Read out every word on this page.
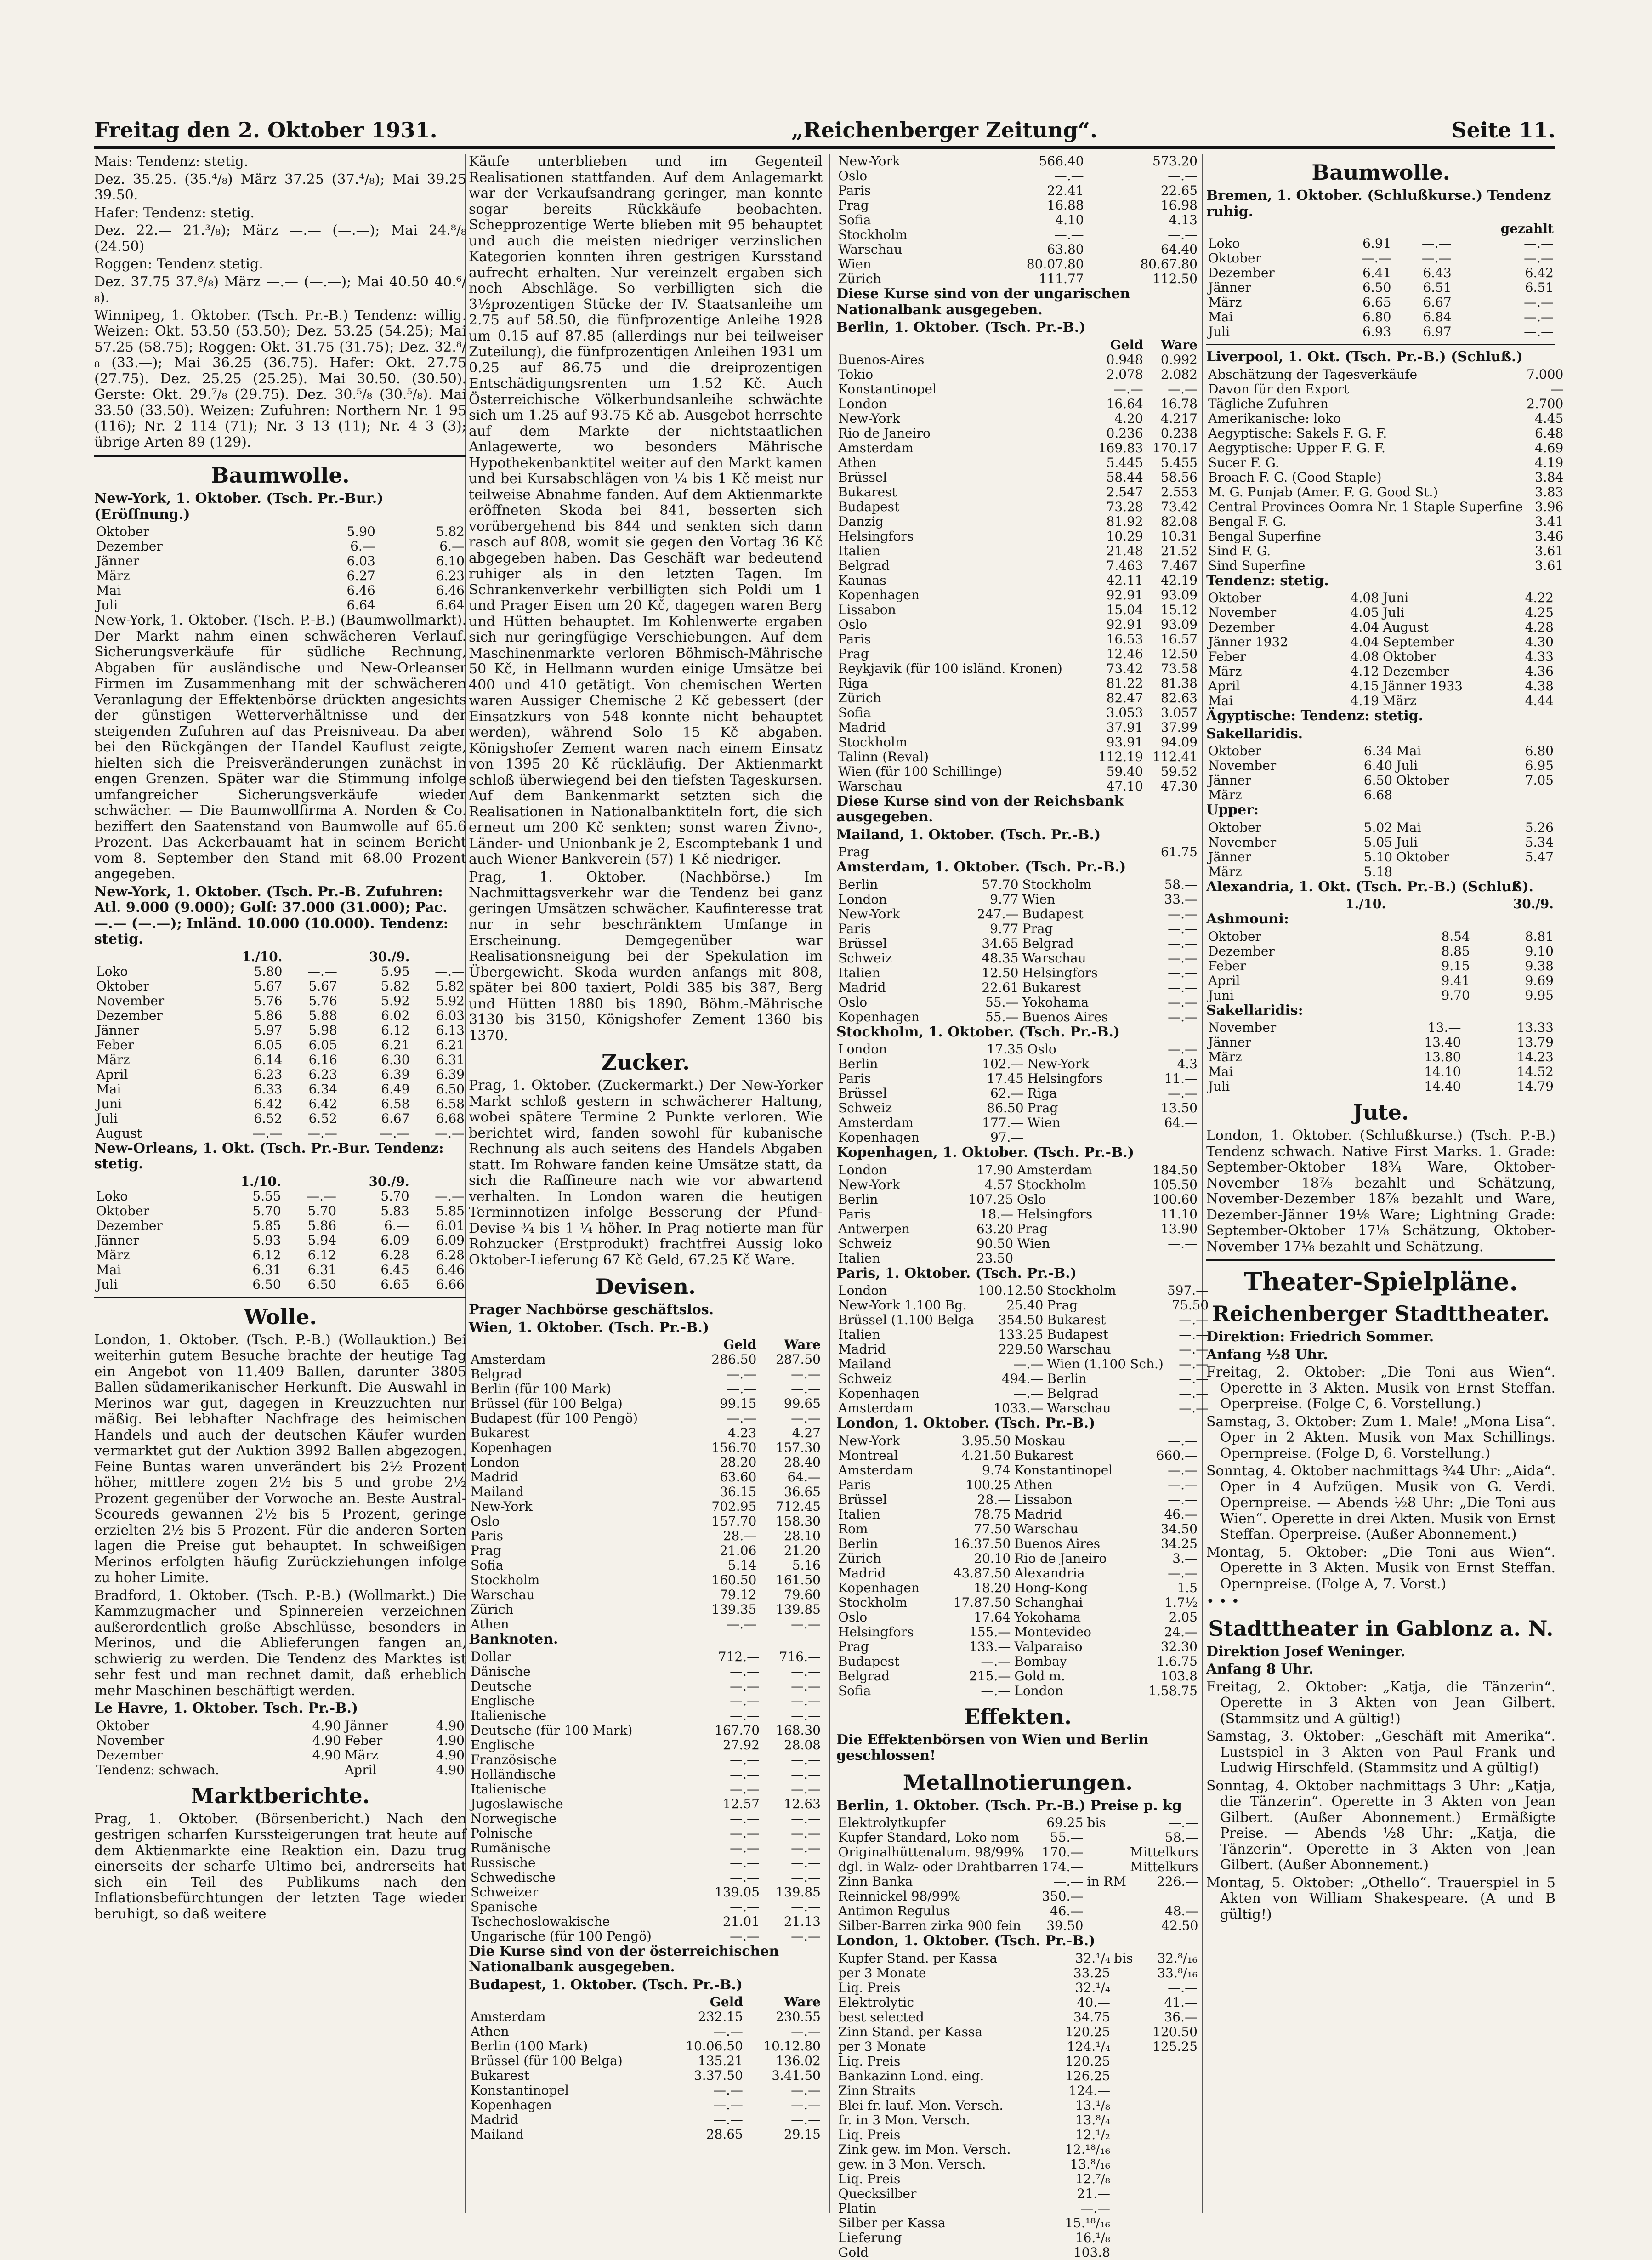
Freitag den 2. Oktober 1931.	„Reichenberger Zeitung“.	Seite 11.

Mais: Tendenz: stetig.

Dez. 35.25. (35.⁴/₈) März 37.25 (37.⁴/₈); Mai 39.25 39.50.

Hafer: Tendenz: stetig.

Dez. 22.— 21.³/₈); März —.— (—.—); Mai 24.⁸/₈ (24.50)

Roggen: Tendenz stetig.

Dez. 37.75 37.⁸/₈) März —.— (—.—); Mai 40.50 40.⁶/₈).

Winnipeg, 1. Oktober. (Tsch. Pr.-B.) Tendenz: willig. Weizen: Okt. 53.50 (53.50); Dez. 53.25 (54.25); Mai 57.25 (58.75); Roggen: Okt. 31.75 (31.75); Dez. 32.⁸/₈ (33.—); Mai 36.25 (36.75). Hafer: Okt. 27.75 (27.75). Dez. 25.25 (25.25). Mai 30.50. (30.50). Gerste: Okt. 29.⁷/₈ (29.75). Dez. 30.⁵/₈ (30.⁵/₈). Mai 33.50 (33.50). Weizen: Zufuhren: Northern Nr. 1 95 (116); Nr. 2 114 (71); Nr. 3 13 (11); Nr. 4 3 (3); übrige Arten 89 (129).

Baumwolle.

New-York, 1. Oktober. (Tsch. Pr.-Bur.) (Eröffnung.)

Oktober	5.90	5.82
Dezember	6.—	6.—
Jänner	6.03	6.10
März	6.27	6.23
Mai	6.46	6.46
Juli	6.64	6.64

New-York, 1. Oktober. (Tsch. P.-B.) (Baumwollmarkt). Der Markt nahm einen schwächeren Verlauf. Sicherungsverkäufe für südliche Rechnung, Abgaben für ausländische und New-Orleanser Firmen im Zusammenhang mit der schwächeren Veranlagung der Effektenbörse drückten angesichts der günstigen Wetterverhältnisse und der steigenden Zufuhren auf das Preisniveau. Da aber bei den Rückgängen der Handel Kauflust zeigte, hielten sich die Preisveränderungen zunächst in engen Grenzen. Später war die Stimmung infolge umfangreicher Sicherungsverkäufe wieder schwächer. — Die Baumwollfirma A. Norden & Co. beziffert den Saatenstand von Baumwolle auf 65.6 Prozent. Das Ackerbauamt hat in seinem Bericht vom 8. September den Stand mit 68.00 Prozent angegeben.

New-York, 1. Oktober. (Tsch. Pr.-B. Zufuhren: Atl. 9.000 (9.000); Golf: 37.000 (31.000); Pac. —.— (—.—); Inländ. 10.000 (10.000). Tendenz: stetig.

	1./10.		30./9.	
Loko	5.80	—.—	5.95	—.—
Oktober	5.67	5.67	5.82	5.82
November	5.76	5.76	5.92	5.92
Dezember	5.86	5.88	6.02	6.03
Jänner	5.97	5.98	6.12	6.13
Feber	6.05	6.05	6.21	6.21
März	6.14	6.16	6.30	6.31
April	6.23	6.23	6.39	6.39
Mai	6.33	6.34	6.49	6.50
Juni	6.42	6.42	6.58	6.58
Juli	6.52	6.52	6.67	6.68
August	—.—	—.—	—.—	—.—

New-Orleans, 1. Okt. (Tsch. Pr.-Bur. Tendenz: stetig.

	1./10.		30./9.	
Loko	5.55	—.—	5.70	—.—
Oktober	5.70	5.70	5.83	5.85
Dezember	5.85	5.86	6.—	6.01
Jänner	5.93	5.94	6.09	6.09
März	6.12	6.12	6.28	6.28
Mai	6.31	6.31	6.45	6.46
Juli	6.50	6.50	6.65	6.66
Wolle.

London, 1. Oktober. (Tsch. P.-B.) (Wollauktion.) Bei weiterhin gutem Besuche brachte der heutige Tag ein Angebot von 11.409 Ballen, darunter 3805 Ballen südamerikanischer Herkunft. Die Auswahl in Merinos war gut, dagegen in Kreuzzuchten nur mäßig. Bei lebhafter Nachfrage des heimischen Handels und auch der deutschen Käufer wurden vermarktet gut der Auktion 3992 Ballen abgezogen. Feine Buntas waren unverändert bis 2½ Prozent höher, mittlere zogen 2½ bis 5 und grobe 2½ Prozent gegenüber der Vorwoche an. Beste Austral-Scoureds gewannen 2½ bis 5 Prozent, geringe erzielten 2½ bis 5 Prozent. Für die anderen Sorten lagen die Preise gut behauptet. In schweißigen Merinos erfolgten häufig Zurückziehungen infolge zu hoher Limite.

Bradford, 1. Oktober. (Tsch. P.-B.) (Wollmarkt.) Die Kammzugmacher und Spinnereien verzeichnen außerordentlich große Abschlüsse, besonders in Merinos, und die Ablieferungen fangen an, schwierig zu werden. Die Tendenz des Marktes ist sehr fest und man rechnet damit, daß erheblich mehr Maschinen beschäftigt werden.

Le Havre, 1. Oktober. Tsch. Pr.-B.)

Oktober	4.90	Jänner	4.90
November	4.90	Feber	4.90
Dezember	4.90	März	4.90
Tendenz: schwach.		April	4.90
Marktberichte.

Prag, 1. Oktober. (Börsenbericht.) Nach den gestrigen scharfen Kurssteigerungen trat heute auf dem Aktienmarkte eine Reaktion ein. Dazu trug einerseits der scharfe Ultimo bei, andrerseits hat sich ein Teil des Publikums nach den Inflationsbefürchtungen der letzten Tage wieder beruhigt, so daß weitere

Käufe unterblieben und im Gegenteil Realisationen stattfanden. Auf dem Anlagemarkt war der Verkaufsandrang geringer, man konnte sogar bereits Rückkäufe beobachten. Schepprozentige Werte blieben mit 95 behauptet und auch die meisten niedriger verzinslichen Kategorien konnten ihren gestrigen Kursstand aufrecht erhalten. Nur vereinzelt ergaben sich noch Abschläge. So verbilligten sich die 3½prozentigen Stücke der IV. Staatsanleihe um 2.75 auf 58.50, die fünfprozentige Anleihe 1928 um 0.15 auf 87.85 (allerdings nur bei teilweiser Zuteilung), die fünfprozentigen Anleihen 1931 um 0.25 auf 86.75 und die dreiprozentigen Entschädigungsrenten um 1.52 Kč. Auch Österreichische Völkerbundsanleihe schwächte sich um 1.25 auf 93.75 Kč ab. Ausgebot herrschte auf dem Markte der nichtstaatlichen Anlagewerte, wo besonders Mährische Hypothekenbanktitel weiter auf den Markt kamen und bei Kursabschlägen von ¼ bis 1 Kč meist nur teilweise Abnahme fanden. Auf dem Aktienmarkte eröffneten Skoda bei 841, besserten sich vorübergehend bis 844 und senkten sich dann rasch auf 808, womit sie gegen den Vortag 36 Kč abgegeben haben. Das Geschäft war bedeutend ruhiger als in den letzten Tagen. Im Schrankenverkehr verbilligten sich Poldi um 1 und Prager Eisen um 20 Kč, dagegen waren Berg und Hütten behauptet. Im Kohlenwerte ergaben sich nur geringfügige Verschiebungen. Auf dem Maschinenmarkte verloren Böhmisch-Mährische 50 Kč, in Hellmann wurden einige Umsätze bei 400 und 410 getätigt. Von chemischen Werten waren Aussiger Chemische 2 Kč gebessert (der Einsatzkurs von 548 konnte nicht behauptet werden), während Solo 15 Kč abgaben. Königshofer Zement waren nach einem Einsatz von 1395 20 Kč rückläufig. Der Aktienmarkt schloß überwiegend bei den tiefsten Tageskursen. Auf dem Bankenmarkt setzten sich die Realisationen in Nationalbanktiteln fort, die sich erneut um 200 Kč senkten; sonst waren Živno-, Länder- und Unionbank je 2, Escomptebank 1 und auch Wiener Bankverein (57) 1 Kč niedriger.

Prag, 1. Oktober. (Nachbörse.) Im Nachmittagsverkehr war die Tendenz bei ganz geringen Umsätzen schwächer. Kaufinteresse trat nur in sehr beschränktem Umfange in Erscheinung. Demgegenüber war Realisationsneigung bei der Spekulation im Übergewicht. Skoda wurden anfangs mit 808, später bei 800 taxiert, Poldi 385 bis 387, Berg und Hütten 1880 bis 1890, Böhm.-Mährische 3130 bis 3150, Königshofer Zement 1360 bis 1370.

Zucker.

Prag, 1. Oktober. (Zuckermarkt.) Der New-Yorker Markt schloß gestern in schwächerer Haltung, wobei spätere Termine 2 Punkte verloren. Wie berichtet wird, fanden sowohl für kubanische Rechnung als auch seitens des Handels Abgaben statt. Im Rohware fanden keine Umsätze statt, da sich die Raffineure nach wie vor abwartend verhalten. In London waren die heutigen Terminnotizen infolge Besserung der Pfund-Devise ¾ bis 1 ¼ höher. In Prag notierte man für Rohzucker (Erstprodukt) frachtfrei Aussig loko Oktober-Lieferung 67 Kč Geld, 67.25 Kč Ware.

Devisen.

Prager Nachbörse geschäftslos.

Wien, 1. Oktober. (Tsch. Pr.-B.)

	Geld	Ware
Amsterdam	286.50	287.50
Belgrad	—.—	—.—
Berlin (für 100 Mark)	—.—	—.—
Brüssel (für 100 Belga)	99.15	99.65
Budapest (für 100 Pengö)	—.—	—.—
Bukarest	4.23	4.27
Kopenhagen	156.70	157.30
London	28.20	28.40
Madrid	63.60	64.—
Mailand	36.15	36.65
New-York	702.95	712.45
Oslo	157.70	158.30
Paris	28.—	28.10
Prag	21.06	21.20
Sofia	5.14	5.16
Stockholm	160.50	161.50
Warschau	79.12	79.60
Zürich	139.35	139.85
Athen	—.—	—.—

Banknoten.

Dollar	712.—	716.—
Dänische	—.—	—.—
Deutsche	—.—	—.—
Englische	—.—	—.—
Italienische	—.—	—.—
Deutsche (für 100 Mark)	167.70	168.30
Englische	27.92	28.08
Französische	—.—	—.—
Holländische	—.—	—.—
Italienische	—.—	—.—
Jugoslawische	12.57	12.63
Norwegische	—.—	—.—
Polnische	—.—	—.—
Rumänische	—.—	—.—
Russische	—.—	—.—
Schwedische	—.—	—.—
Schweizer	139.05	139.85
Spanische	—.—	—.—
Tschechoslowakische	21.01	21.13
Ungarische (für 100 Pengö)	—.—	—.—

Die Kurse sind von der österreichischen Nationalbank ausgegeben.

Budapest, 1. Oktober. (Tsch. Pr.-B.)

	Geld	Ware
Amsterdam	232.15	230.55
Athen	—.—	—.—
Berlin (100 Mark)	10.06.50	10.12.80
Brüssel (für 100 Belga)	135.21	136.02
Bukarest	3.37.50	3.41.50
Konstantinopel	—.—	—.—
Kopenhagen	—.—	—.—
Madrid	—.—	—.—
Mailand	28.65	29.15
New-York	566.40	573.20
Oslo	—.—	—.—
Paris	22.41	22.65
Prag	16.88	16.98
Sofia	4.10	4.13
Stockholm	—.—	—.—
Warschau	63.80	64.40
Wien	80.07.80	80.67.80
Zürich	111.77	112.50

Diese Kurse sind von der ungarischen Nationalbank ausgegeben.

Berlin, 1. Oktober. (Tsch. Pr.-B.)

	Geld	Ware
Buenos-Aires	0.948	0.992
Tokio	2.078	2.082
Konstantinopel	—.—	—.—
London	16.64	16.78
New-York	4.20	4.217
Rio de Janeiro	0.236	0.238
Amsterdam	169.83	170.17
Athen	5.445	5.455
Brüssel	58.44	58.56
Bukarest	2.547	2.553
Budapest	73.28	73.42
Danzig	81.92	82.08
Helsingfors	10.29	10.31
Italien	21.48	21.52
Belgrad	7.463	7.467
Kaunas	42.11	42.19
Kopenhagen	92.91	93.09
Lissabon	15.04	15.12
Oslo	92.91	93.09
Paris	16.53	16.57
Prag	12.46	12.50
Reykjavik (für 100 isländ. Kronen)	73.42	73.58
Riga	81.22	81.38
Zürich	82.47	82.63
Sofia	3.053	3.057
Madrid	37.91	37.99
Stockholm	93.91	94.09
Talinn (Reval)	112.19	112.41
Wien (für 100 Schillinge)	59.40	59.52
Warschau	47.10	47.30

Diese Kurse sind von der Reichsbank ausgegeben.

Mailand, 1. Oktober. (Tsch. Pr.-B.)

Prag	61.75

Amsterdam, 1. Oktober. (Tsch. Pr.-B.)

Berlin	57.70	Stockholm	58.—
London	9.77	Wien	33.—
New-York	247.—	Budapest	—.—
Paris	9.77	Prag	—.—
Brüssel	34.65	Belgrad	—.—
Schweiz	48.35	Warschau	—.—
Italien	12.50	Helsingfors	—.—
Madrid	22.61	Bukarest	—.—
Oslo	55.—	Yokohama	—.—
Kopenhagen	55.—	Buenos Aires	—.—

Stockholm, 1. Oktober. (Tsch. Pr.-B.)

London	17.35	Oslo	—.—
Berlin	102.—	New-York	4.3
Paris	17.45	Helsingfors	11.—
Brüssel	62.—	Riga	—.—
Schweiz	86.50	Prag	13.50
Amsterdam	177.—	Wien	64.—
Kopenhagen	97.—		

Kopenhagen, 1. Oktober. (Tsch. Pr.-B.)

London	17.90	Amsterdam	184.50
New-York	4.57	Stockholm	105.50
Berlin	107.25	Oslo	100.60
Paris	18.—	Helsingfors	11.10
Antwerpen	63.20	Prag	13.90
Schweiz	90.50	Wien	—.—
Italien	23.50		

Paris, 1. Oktober. (Tsch. Pr.-B.)

London	100.12.50	Stockholm	597.—
New-York 1.100 Bg.	25.40	Prag	75.50
Brüssel (1.100 Belga	354.50	Bukarest	—.—
Italien	133.25	Budapest	—.—
Madrid	229.50	Warschau	—.—
Mailand	—.—	Wien (1.100 Sch.)	—.—
Schweiz	494.—	Berlin	—.—
Kopenhagen	—.—	Belgrad	—.—
Amsterdam	1033.—	Warschau	—.—

London, 1. Oktober. (Tsch. Pr.-B.)

New-York	3.95.50	Moskau	—.—
Montreal	4.21.50	Bukarest	660.—
Amsterdam	9.74	Konstantinopel	—.—
Paris	100.25	Athen	—.—
Brüssel	28.—	Lissabon	—.—
Italien	78.75	Madrid	46.—
Rom	77.50	Warschau	34.50
Berlin	16.37.50	Buenos Aires	34.25
Zürich	20.10	Rio de Janeiro	3.—
Madrid	43.87.50	Alexandria	—.—
Kopenhagen	18.20	Hong-Kong	1.5
Stockholm	17.87.50	Schanghai	1.7½
Oslo	17.64	Yokohama	2.05
Helsingfors	155.—	Montevideo	24.—
Prag	133.—	Valparaiso	32.30
Budapest	—.—	Bombay	1.6.75
Belgrad	215.—	Gold m.	103.8
Sofia	—.—	London	1.58.75
Effekten.

Die Effektenbörsen von Wien und Berlin geschlossen!

Metallnotierungen.

Berlin, 1. Oktober. (Tsch. Pr.-B.) Preise p. kg

Elektrolytkupfer	69.25	bis	—.—
Kupfer Standard, Loko nom	55.—		58.—
Originalhüttenalum. 98/99%	170.—		Mittelkurs
dgl. in Walz- oder Drahtbarren	174.—		Mittelkurs
Zinn Banka	—.—	in RM	226.—
Reinnickel 98/99%	350.—		
Antimon Regulus	46.—		48.—
Silber-Barren zirka 900 fein	39.50		42.50

London, 1. Oktober. (Tsch. Pr.-B.)

Kupfer Stand. per Kassa	32.¹/₄	bis	32.⁸/₁₆
per 3 Monate	33.25		33.⁸/₁₆
Liq. Preis	32.¹/₄		—.—
Elektrolytic	40.—		41.—
best selected	34.75		36.—
Zinn Stand. per Kassa	120.25		120.50
per 3 Monate	124.¹/₄		125.25
Liq. Preis	120.25		
Bankazinn Lond. eing.	126.25		
Zinn Straits	124.—		
Blei fr. lauf. Mon. Versch.	13.¹/₈		
fr. in 3 Mon. Versch.	13.⁸/₄		
Liq. Preis	12.¹/₂		
Zink gew. im Mon. Versch.	12.¹⁸/₁₆		
gew. in 3 Mon. Versch.	13.⁸/₁₆		
Liq. Preis	12.⁷/₈		
Quecksilber	21.—		
Platin	—.—		
Silber per Kassa	15.¹⁸/₁₆		
Lieferung	16.¹/₈		
Gold	103.8		
Baumwolle.

Bremen, 1. Oktober. (Schlußkurse.) Tendenz ruhig.

			gezahlt
Loko	6.91	—.—	—.—
Oktober	—.—	—.—	—.—
Dezember	6.41	6.43	6.42
Jänner	6.50	6.51	6.51
März	6.65	6.67	—.—
Mai	6.80	6.84	—.—
Juli	6.93	6.97	—.—

Liverpool, 1. Okt. (Tsch. Pr.-B.) (Schluß.)

Abschätzung der Tagesverkäufe	7.000
Davon für den Export	—
Tägliche Zufuhren	2.700
Amerikanische: loko	4.45
Aegyptische: Sakels F. G. F.	6.48
Aegyptische: Upper F. G. F.	4.69
Sucer F. G.	4.19
Broach F. G. (Good Staple)	3.84
M. G. Punjab (Amer. F. G. Good St.)	3.83
Central Provinces Oomra Nr. 1 Staple Superfine	3.96
Bengal F. G.	3.41
Bengal Superfine	3.46
Sind F. G.	3.61
Sind Superfine	3.61

Tendenz: stetig.

Oktober	4.08	Juni	4.22
November	4.05	Juli	4.25
Dezember	4.04	August	4.28
Jänner 1932	4.04	September	4.30
Feber	4.08	Oktober	4.33
März	4.12	Dezember	4.36
April	4.15	Jänner 1933	4.38
Mai	4.19	März	4.44

Ägyptische: Tendenz: stetig.

Sakellaridis.

Oktober	6.34	Mai	6.80
November	6.40	Juli	6.95
Jänner	6.50	Oktober	7.05
März	6.68		

Upper:

Oktober	5.02	Mai	5.26
November	5.05	Juli	5.34
Jänner	5.10	Oktober	5.47
März	5.18		

Alexandria, 1. Okt. (Tsch. Pr.-B.) (Schluß).

	1./10.	30./9.

Ashmouni:

Oktober	8.54	8.81
Dezember	8.85	9.10
Feber	9.15	9.38
April	9.41	9.69
Juni	9.70	9.95

Sakellaridis:

November	13.—	13.33
Jänner	13.40	13.79
März	13.80	14.23
Mai	14.10	14.52
Juli	14.40	14.79
Jute.

London, 1. Oktober. (Schlußkurse.) (Tsch. P.-B.) Tendenz schwach. Native First Marks. 1. Grade: September-Oktober 18¾ Ware, Oktober-November 18⅞ bezahlt und Schätzung, November-Dezember 18⅞ bezahlt und Ware, Dezember-Jänner 19⅛ Ware; Lightning Grade: September-Oktober 17⅛ Schätzung, Oktober-November 17⅛ bezahlt und Schätzung.

Theater-Spielpläne.
Reichenberger Stadttheater.

Direktion: Friedrich Sommer.

Anfang ½8 Uhr.

Freitag, 2. Oktober: „Die Toni aus Wien“. Operette in 3 Akten. Musik von Ernst Steffan. Operpreise. (Folge C, 6. Vorstellung.)

Samstag, 3. Oktober: Zum 1. Male! „Mona Lisa“. Oper in 2 Akten. Musik von Max Schillings. Opernpreise. (Folge D, 6. Vorstellung.)

Sonntag, 4. Oktober nachmittags ¾4 Uhr: „Aida“. Oper in 4 Aufzügen. Musik von G. Verdi. Opernpreise. — Abends ½8 Uhr: „Die Toni aus Wien“. Operette in drei Akten. Musik von Ernst Steffan. Operpreise. (Außer Abonnement.)

Montag, 5. Oktober: „Die Toni aus Wien“. Operette in 3 Akten. Musik von Ernst Steffan. Opernpreise. (Folge A, 7. Vorst.)

• • •

Stadttheater in Gablonz a. N.

Direktion Josef Weninger.

Anfang 8 Uhr.

Freitag, 2. Oktober: „Katja, die Tänzerin“. Operette in 3 Akten von Jean Gilbert. (Stammsitz und A gültig!)

Samstag, 3. Oktober: „Geschäft mit Amerika“. Lustspiel in 3 Akten von Paul Frank und Ludwig Hirschfeld. (Stammsitz und A gültig!)

Sonntag, 4. Oktober nachmittags 3 Uhr: „Katja, die Tänzerin“. Operette in 3 Akten von Jean Gilbert. (Außer Abonnement.) Ermäßigte Preise. — Abends ½8 Uhr: „Katja, die Tänzerin“. Operette in 3 Akten von Jean Gilbert. (Außer Abonnement.)

Montag, 5. Oktober: „Othello“. Trauerspiel in 5 Akten von William Shakespeare. (A und B gültig!)
